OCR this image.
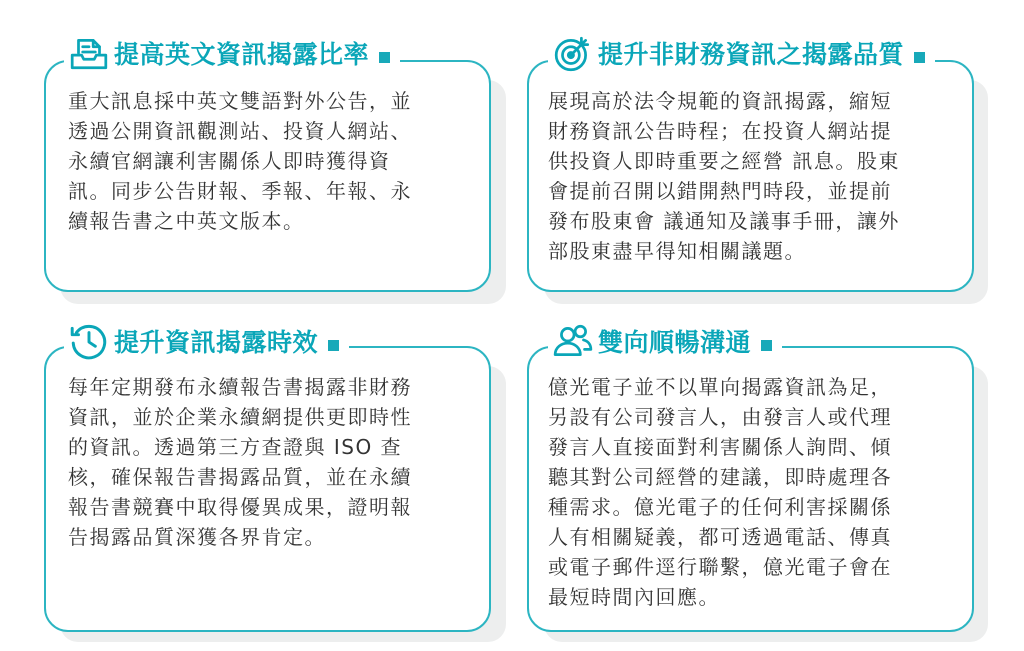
提高英文資訊揭露比率
重大訊息採中英文雙語對外公告，並
透過公開資訊觀測站、投資人網站、
永續官網讓利害關係人即時獲得資
訊。同步公告財報、季報、年報、永
續報告書之中英文版本。
提升非財務資訊之揭露品質
展現高於法令規範的資訊揭露，縮短
財務資訊公告時程；在投資人網站提
供投資人即時重要之經營 訊息。股東
會提前召開以錯開熱門時段，並提前
發布股東會 議通知及議事手冊，讓外
部股東盡早得知相關議題。
提升資訊揭露時效
每年定期發布永續報告書揭露非財務
資訊，並於企業永續網提供更即時性
的資訊。透過第三方查證與 ISO 查
核，確保報告書揭露品質，並在永續
報告書競賽中取得優異成果，證明報
告揭露品質深獲各界肯定。
雙向順暢溝通
億光電子並不以單向揭露資訊為足，
另設有公司發言人，由發言人或代理
發言人直接面對利害關係人詢問、傾
聽其對公司經營的建議，即時處理各
種需求。億光電子的任何利害採關係
人有相關疑義，都可透過電話、傳真
或電子郵件逕行聯繫，億光電子會在
最短時間內回應。
